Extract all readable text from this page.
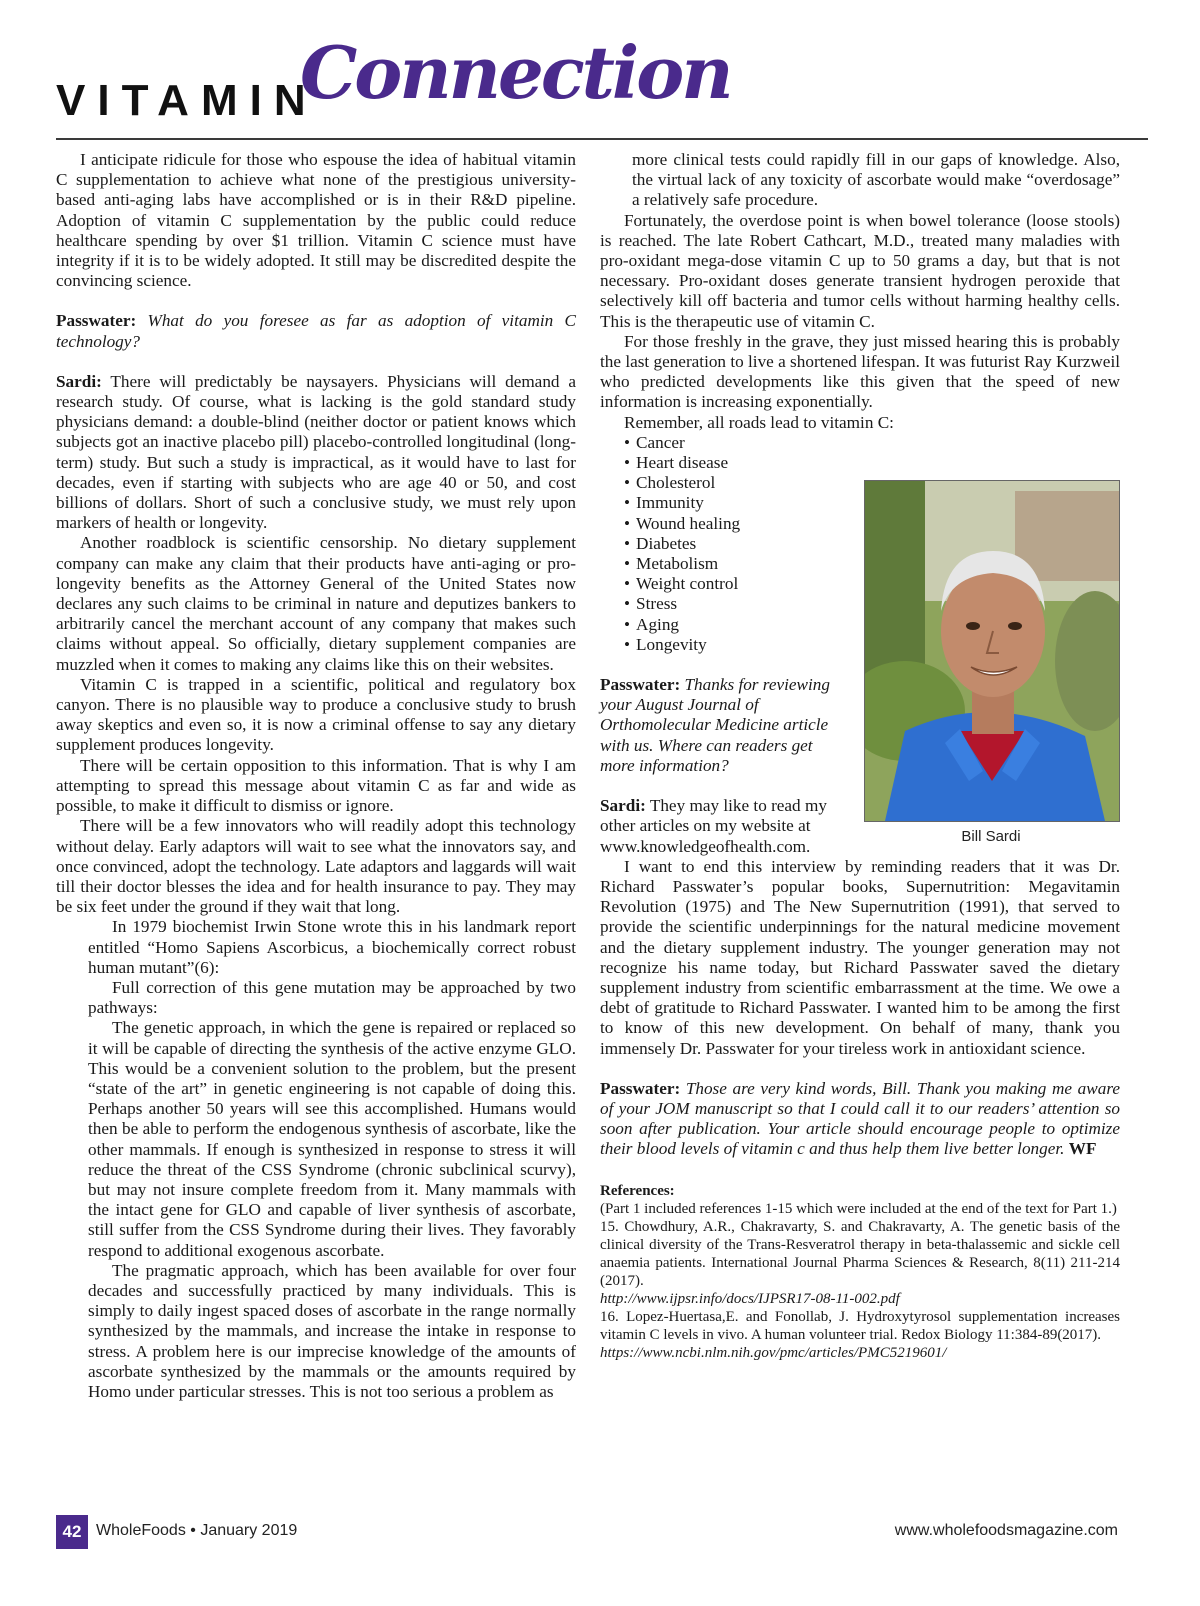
VITAMIN
Connection

I anticipate ridicule for those who espouse the idea of habitual vitamin C supplementation to achieve what none of the prestigious university-based anti-aging labs have accomplished or is in their R&D pipeline. Adoption of vitamin C supplementation by the public could reduce healthcare spending by over $1 trillion. Vitamin C science must have integrity if it is to be widely adopted. It still may be discredited despite the convincing science.

Passwater: What do you foresee as far as adoption of vitamin C technology?

Sardi: There will predictably be naysayers. Physicians will demand a research study. Of course, what is lacking is the gold standard study physicians demand: a double-blind (neither doctor or patient knows which subjects got an inactive placebo pill) placebo-controlled longitudinal (long-term) study. But such a study is impractical, as it would have to last for decades, even if starting with subjects who are age 40 or 50, and cost billions of dollars. Short of such a conclusive study, we must rely upon markers of health or longevity.

Another roadblock is scientific censorship. No dietary supplement company can make any claim that their products have anti-aging or pro-longevity benefits as the Attorney General of the United States now declares any such claims to be criminal in nature and deputizes bankers to arbitrarily cancel the merchant account of any company that makes such claims without appeal. So officially, dietary supplement companies are muzzled when it comes to making any claims like this on their websites.

Vitamin C is trapped in a scientific, political and regulatory box canyon. There is no plausible way to produce a conclusive study to brush away skeptics and even so, it is now a criminal offense to say any dietary supplement produces longevity.

There will be certain opposition to this information. That is why I am attempting to spread this message about vitamin C as far and wide as possible, to make it difficult to dismiss or ignore.

There will be a few innovators who will readily adopt this technology without delay. Early adaptors will wait to see what the innovators say, and once convinced, adopt the technology. Late adaptors and laggards will wait till their doctor blesses the idea and for health insurance to pay. They may be six feet under the ground if they wait that long.

In 1979 biochemist Irwin Stone wrote this in his landmark report entitled “Homo Sapiens Ascorbicus, a biochemically correct robust human mutant”(6):

Full correction of this gene mutation may be approached by two pathways:

The genetic approach, in which the gene is repaired or replaced so it will be capable of directing the synthesis of the active enzyme GLO. This would be a convenient solution to the problem, but the present “state of the art” in genetic engineering is not capable of doing this. Perhaps another 50 years will see this accomplished. Humans would then be able to perform the endogenous synthesis of ascorbate, like the other mammals. If enough is synthesized in response to stress it will reduce the threat of the CSS Syndrome (chronic subclinical scurvy), but may not insure complete freedom from it. Many mammals with the intact gene for GLO and capable of liver synthesis of ascorbate, still suffer from the CSS Syndrome during their lives. They favorably respond to additional exogenous ascorbate.

The pragmatic approach, which has been available for over four decades and successfully practiced by many individuals. This is simply to daily ingest spaced doses of ascorbate in the range normally synthesized by the mammals, and increase the intake in response to stress. A problem here is our imprecise knowledge of the amounts of ascorbate synthesized by the mammals or the amounts required by Homo under particular stresses. This is not too serious a problem as

more clinical tests could rapidly fill in our gaps of knowledge. Also, the virtual lack of any toxicity of ascorbate would make “overdosage” a relatively safe procedure.

Fortunately, the overdose point is when bowel tolerance (loose stools) is reached. The late Robert Cathcart, M.D., treated many maladies with pro-oxidant mega-dose vitamin C up to 50 grams a day, but that is not necessary. Pro-oxidant doses generate transient hydrogen peroxide that selectively kill off bacteria and tumor cells without harming healthy cells. This is the therapeutic use of vitamin C.

For those freshly in the grave, they just missed hearing this is probably the last generation to live a shortened lifespan. It was futurist Ray Kurzweil who predicted developments like this given that the speed of new information is increasing exponentially.

Remember, all roads lead to vitamin C:

• Cancer
• Heart disease
• Cholesterol
• Immunity
• Wound healing
• Diabetes
• Metabolism
• Weight control
• Stress
• Aging
• Longevity

Passwater: Thanks for reviewing your August Journal of Orthomolecular Medicine article with us. Where can readers get more information?

Sardi: They may like to read my other articles on my website at www.knowledgeofhealth.com.

I want to end this interview by reminding readers that it was Dr. Richard Passwater’s popular books, Supernutrition: Megavitamin Revolution (1975) and The New Supernutrition (1991), that served to provide the scientific underpinnings for the natural medicine movement and the dietary supplement industry. The younger generation may not recognize his name today, but Richard Passwater saved the dietary supplement industry from scientific embarrassment at the time. We owe a debt of gratitude to Richard Passwater. I wanted him to be among the first to know of this new development. On behalf of many, thank you immensely Dr. Passwater for your tireless work in antioxidant science.

Passwater: Those are very kind words, Bill. Thank you making me aware of your JOM manuscript so that I could call it to our readers’ attention so soon after publication. Your article should encourage people to optimize their blood levels of vitamin c and thus help them live better longer. WF

References:

(Part 1 included references 1-15 which were included at the end of the text for Part 1.)

15. Chowdhury, A.R., Chakravarty, S. and Chakravarty, A. The genetic basis of the clinical diversity of the Trans-Resveratrol therapy in beta-thalassemic and sickle cell anaemia patients. International Journal Pharma Sciences & Research, 8(11) 211-214 (2017).

http://www.ijpsr.info/docs/IJPSR17-08-11-002.pdf

16. Lopez-Huertasa,E. and Fonollab, J. Hydroxytyrosol supplementation increases vitamin C levels in vivo. A human volunteer trial. Redox Biology 11:384-89(2017).

https://www.ncbi.nlm.nih.gov/pmc/articles/PMC5219601/

Bill Sardi
42 WholeFoods • January 2019	www.wholefoodsmagazine.com
